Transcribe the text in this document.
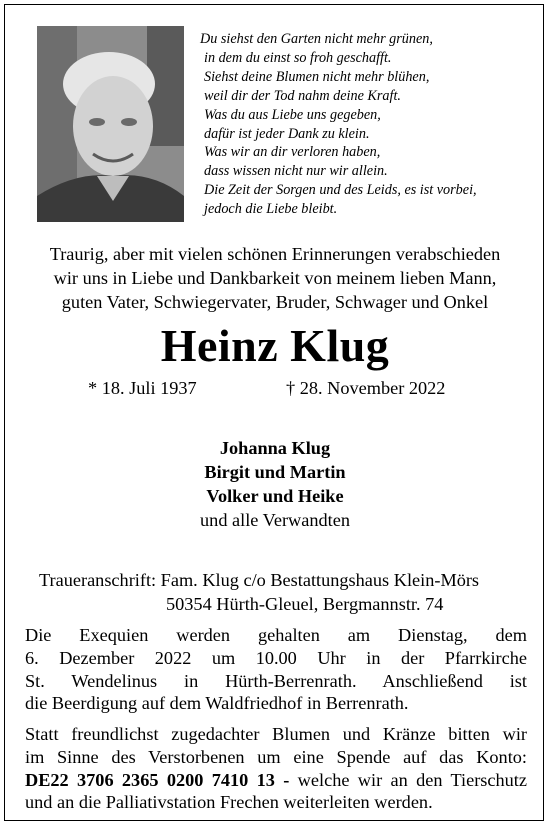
Du siehst den Garten nicht mehr grünen,
in dem du einst so froh geschafft.
Siehst deine Blumen nicht mehr blühen,
weil dir der Tod nahm deine Kraft.
Was du aus Liebe uns gegeben,
dafür ist jeder Dank zu klein.
Was wir an dir verloren haben,
dass wissen nicht nur wir allein.
Die Zeit der Sorgen und des Leids, es ist vorbei,
jedoch die Liebe bleibt.
Traurig, aber mit vielen schönen Erinnerungen verabschieden
wir uns in Liebe und Dankbarkeit von meinem lieben Mann,
guten Vater, Schwiegervater, Bruder, Schwager und Onkel
Heinz Klug
* 18. Juli 1937	† 28. November 2022
Johanna Klug
Birgit und Martin
Volker und Heike
und alle Verwandten
Traueranschrift: Fam. Klug c/o Bestattungshaus Klein-Mörs
50354 Hürth-Gleuel, Bergmannstr. 74
Die Exequien werden gehalten am Dienstag, dem
6. Dezember 2022 um 10.00 Uhr in der Pfarrkirche
St. Wendelinus in Hürth-Berrenrath. Anschließend ist
die Beerdigung auf dem Waldfriedhof in Berrenrath.
Statt freundlichst zugedachter Blumen und Kränze bitten wir
im Sinne des Verstorbenen um eine Spende auf das Konto:
DE22 3706 2365 0200 7410 13 - welche wir an den Tierschutz
und an die Palliativstation Frechen weiterleiten werden.
